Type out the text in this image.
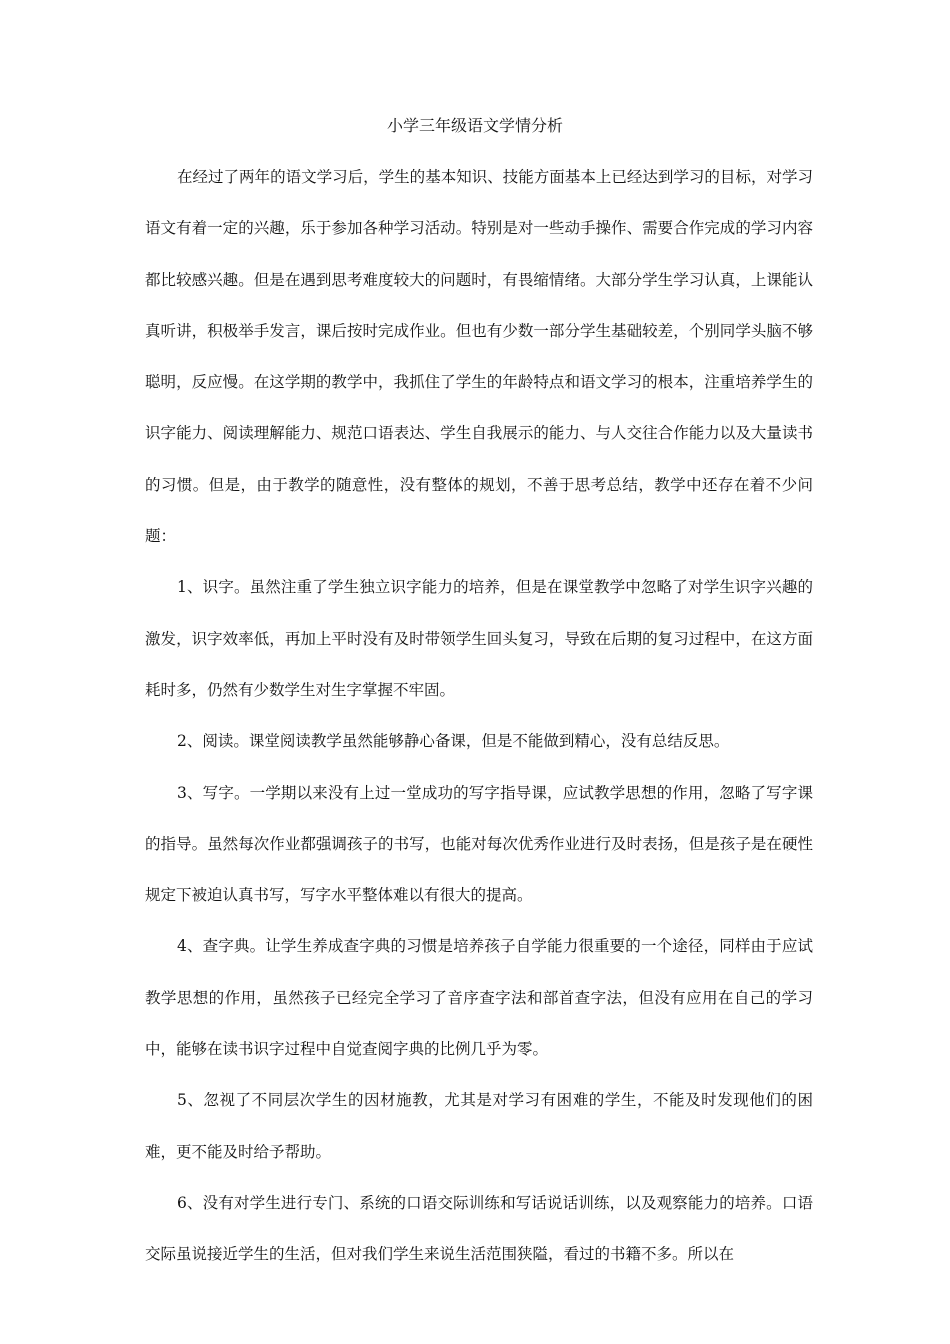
小学三年级语文学情分析

在经过了两年的语文学习后，学生的基本知识、技能方面基本上已经达到学习的目标，对学习语文有着一定的兴趣，乐于参加各种学习活动。特别是对一些动手操作、需要合作完成的学习内容都比较感兴趣。但是在遇到思考难度较大的问题时，有畏缩情绪。大部分学生学习认真，上课能认真听讲，积极举手发言，课后按时完成作业。但也有少数一部分学生基础较差，个别同学头脑不够聪明，反应慢。在这学期的教学中，我抓住了学生的年龄特点和语文学习的根本，注重培养学生的识字能力、阅读理解能力、规范口语表达、学生自我展示的能力、与人交往合作能力以及大量读书的习惯。但是，由于教学的随意性，没有整体的规划，不善于思考总结，教学中还存在着不少问题：

1、识字。虽然注重了学生独立识字能力的培养，但是在课堂教学中忽略了对学生识字兴趣的激发，识字效率低，再加上平时没有及时带领学生回头复习，导致在后期的复习过程中，在这方面耗时多，仍然有少数学生对生字掌握不牢固。

2、阅读。课堂阅读教学虽然能够静心备课，但是不能做到精心，没有总结反思。

3、写字。一学期以来没有上过一堂成功的写字指导课，应试教学思想的作用，忽略了写字课的指导。虽然每次作业都强调孩子的书写，也能对每次优秀作业进行及时表扬，但是孩子是在硬性规定下被迫认真书写，写字水平整体难以有很大的提高。

4、查字典。让学生养成查字典的习惯是培养孩子自学能力很重要的一个途径，同样由于应试教学思想的作用，虽然孩子已经完全学习了音序查字法和部首查字法，但没有应用在自己的学习中，能够在读书识字过程中自觉查阅字典的比例几乎为零。

5、忽视了不同层次学生的因材施教，尤其是对学习有困难的学生，不能及时发现他们的困难，更不能及时给予帮助。

6、没有对学生进行专门、系统的口语交际训练和写话说话训练，以及观察能力的培养。口语交际虽说接近学生的生活，但对我们学生来说生活范围狭隘，看过的书籍不多。所以在
